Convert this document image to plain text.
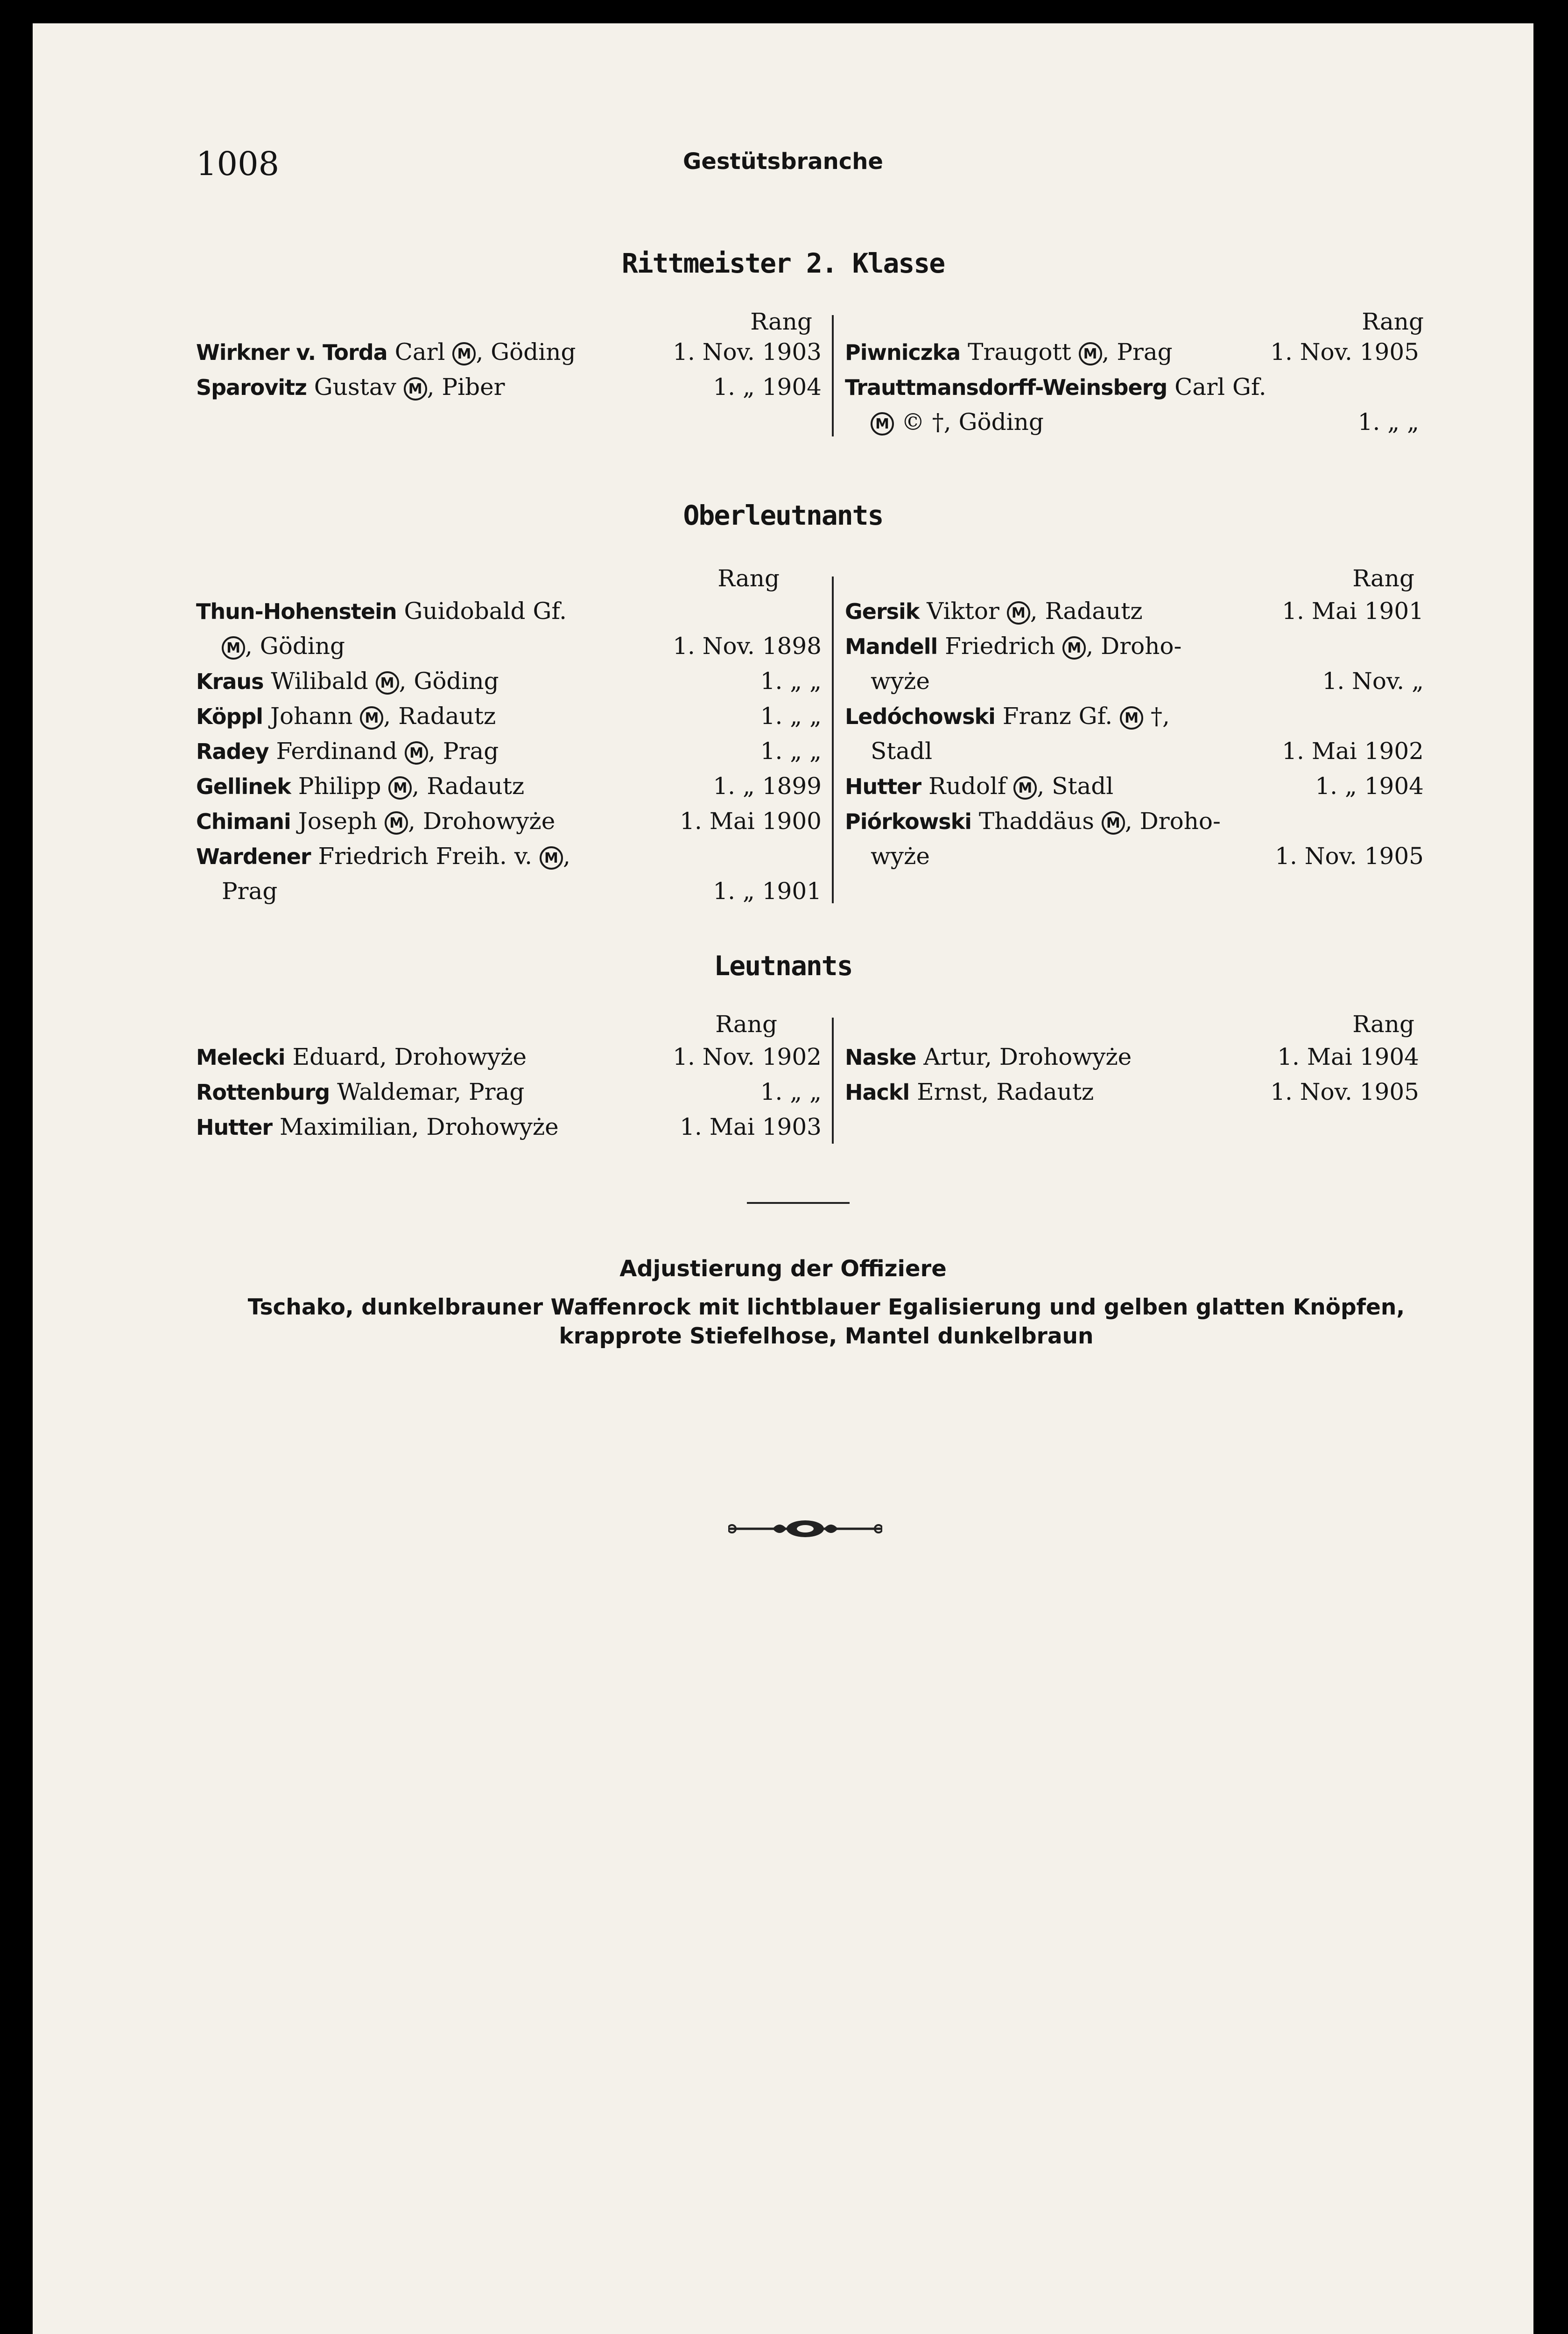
1008	Gestütsbranche
Rittmeister 2. Klasse
Rang
Wirkner v. Torda Carl M , Göding	1. Nov. 1903
Sparovitz Gustav M , Piber	1. „ 1904
Rang
Piwniczka Traugott M , Prag	1. Nov. 1905
Trauttmansdorff-Weinsberg Carl Gf.
M © †, Göding	1. „ „
Oberleutnants
Rang
Thun-Hohenstein Guidobald Gf.
M , Göding	1. Nov. 1898
Kraus Wilibald M , Göding	1. „ „
Köppl Johann M , Radautz	1. „ „
Radey Ferdinand M , Prag	1. „ „
Gellinek Philipp M , Radautz	1. „ 1899
Chimani Joseph M , Drohowyże	1. Mai 1900
Wardener Friedrich Freih. v. M ,
Prag	1. „ 1901
Rang
Gersik Viktor M , Radautz	1. Mai 1901
Mandell Friedrich M , Droho-
wyże	1. Nov. „
Ledóchowski Franz Gf. M †,
Stadl	1. Mai 1902
Hutter Rudolf M , Stadl	1. „ 1904
Piórkowski Thaddäus M , Droho-
wyże	1. Nov. 1905
Leutnants
Rang
Melecki Eduard, Drohowyże	1. Nov. 1902
Rottenburg Waldemar, Prag	1. „ „
Hutter Maximilian, Drohowyże	1. Mai 1903
Rang
Naske Artur, Drohowyże	1. Mai 1904
Hackl Ernst, Radautz	1. Nov. 1905
Adjustierung der Offiziere
Tschako, dunkelbrauner Waffenrock mit lichtblauer Egalisierung und gelben glatten Knöpfen,
krapprote Stiefelhose, Mantel dunkelbraun
